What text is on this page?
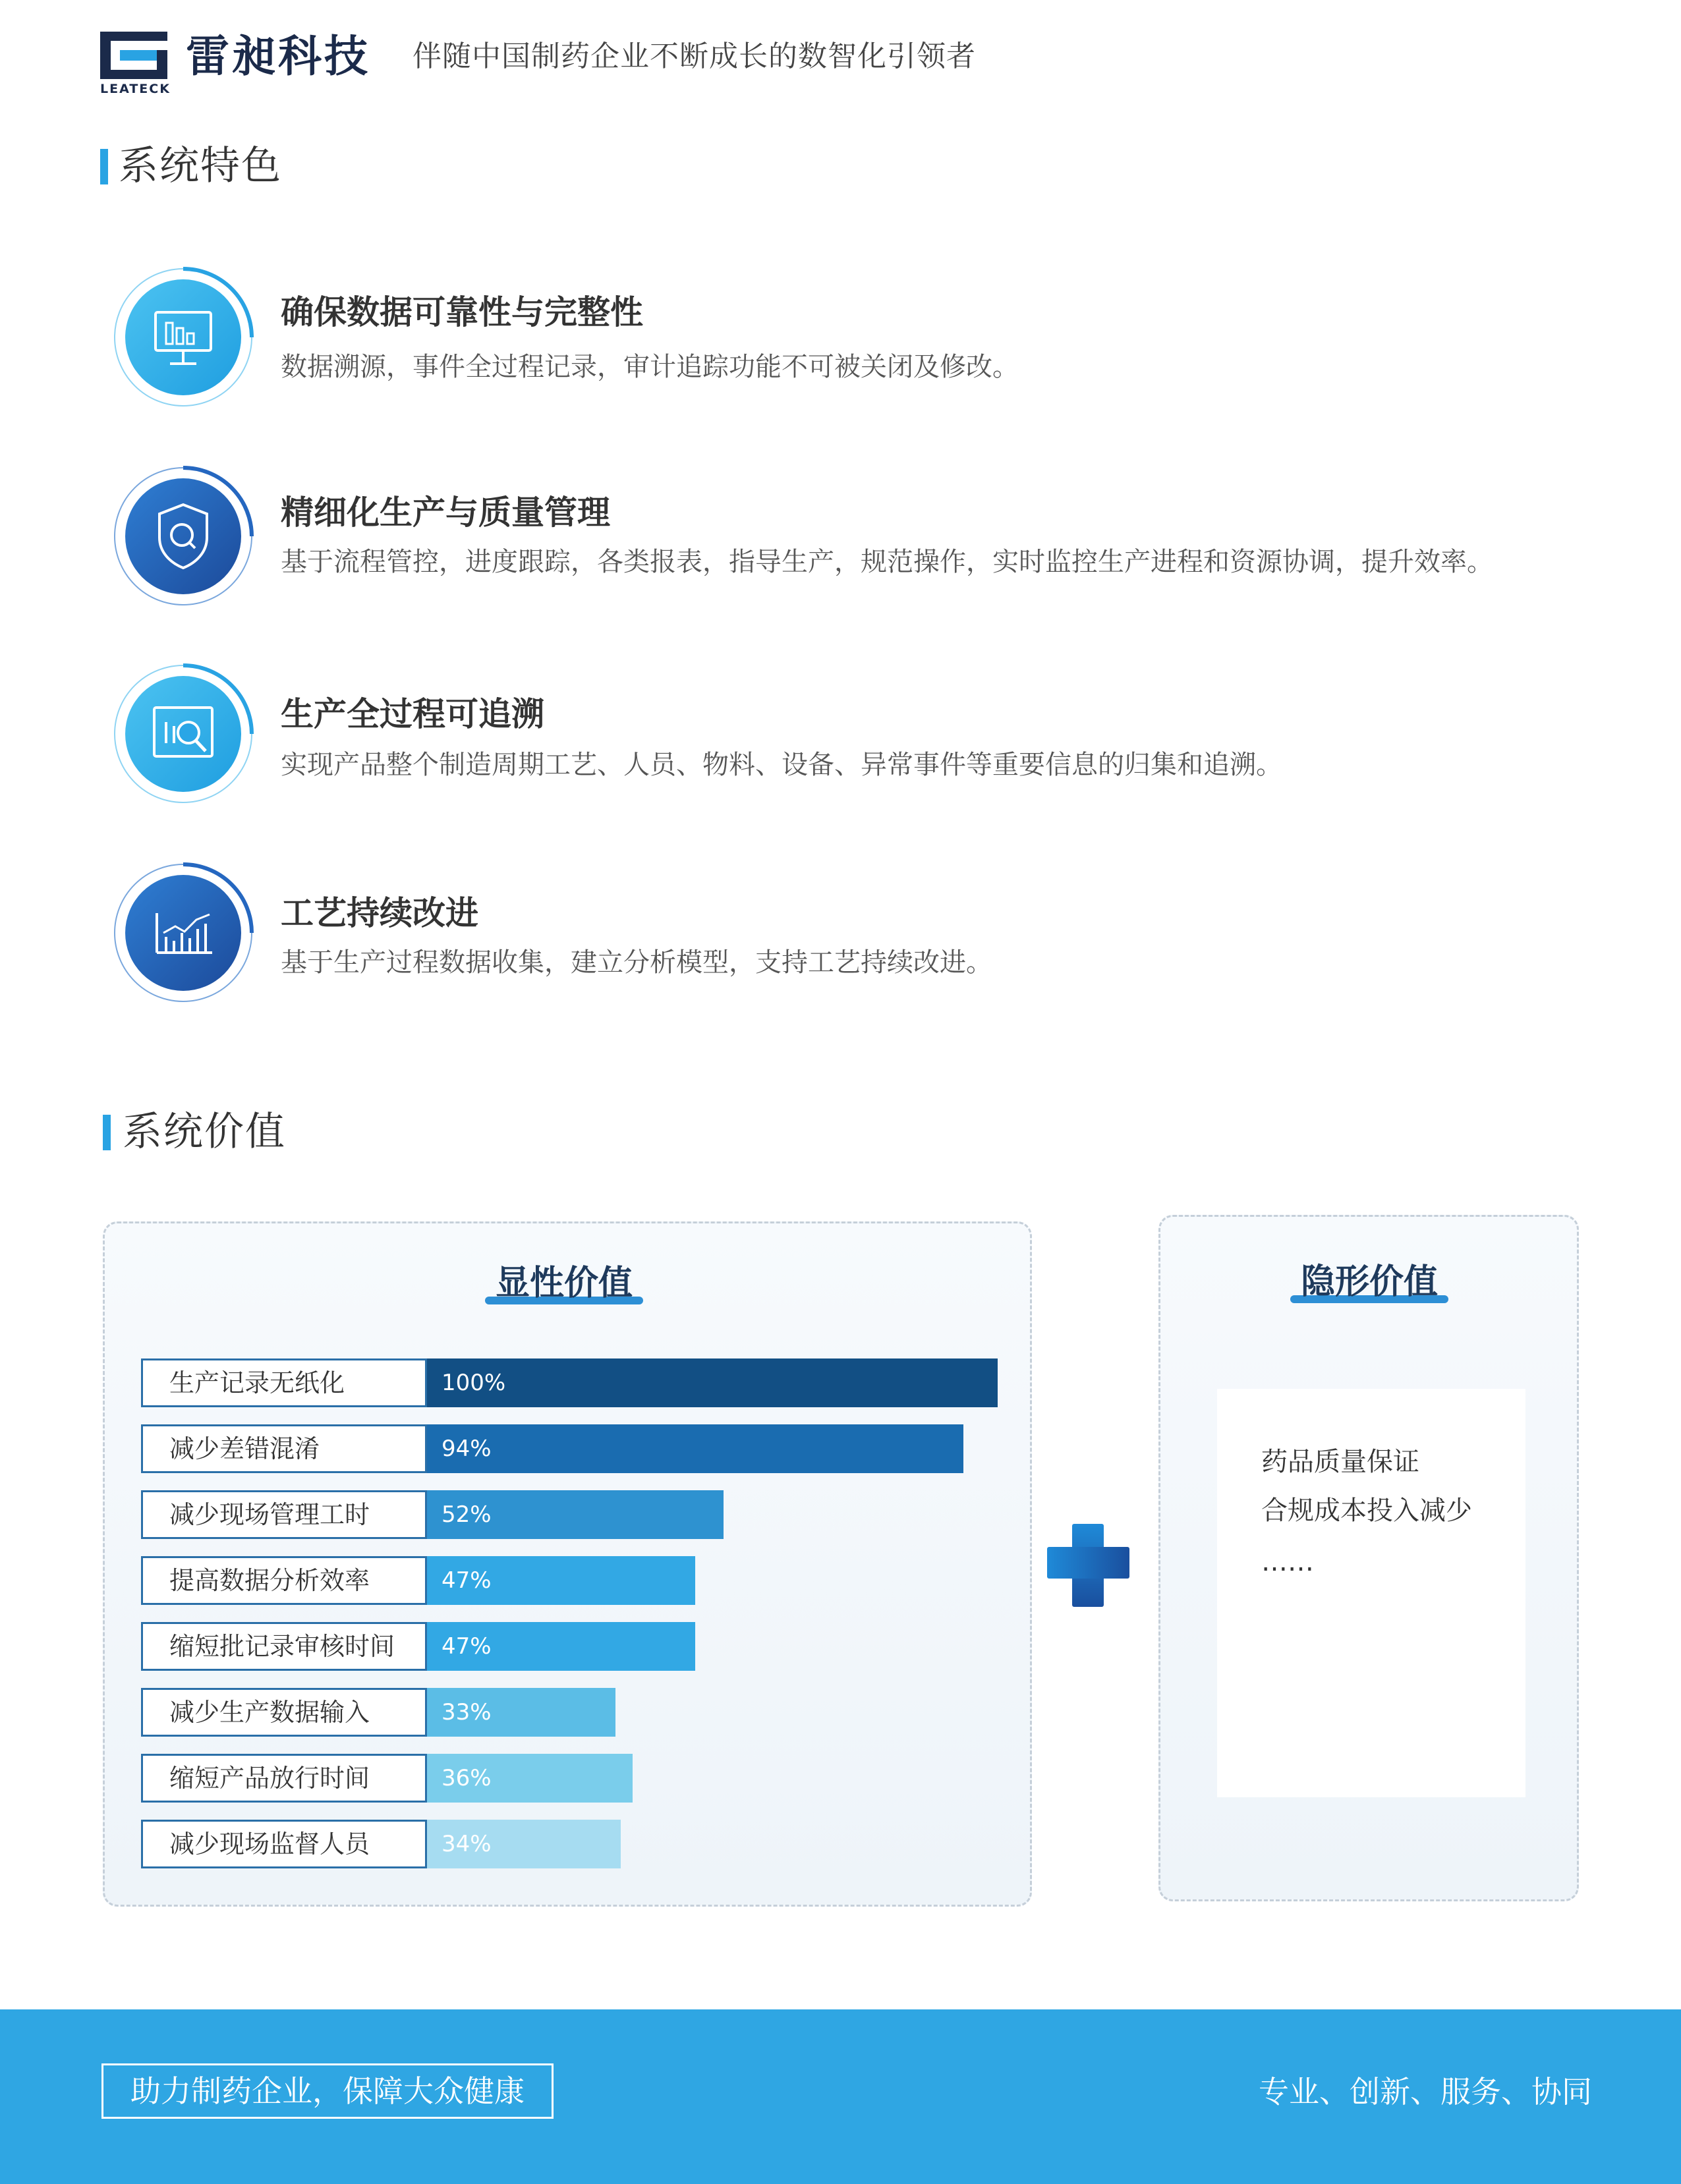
雷昶科技
LEATECK
伴随中国制药企业不断成长的数智化引领者
系统特色
确保数据可靠性与完整性
数据溯源，事件全过程记录，审计追踪功能不可被关闭及修改。
精细化生产与质量管理
基于流程管控，进度跟踪，各类报表，指导生产，规范操作，实时监控生产进程和资源协调，提升效率。
生产全过程可追溯
实现产品整个制造周期工艺、人员、物料、设备、异常事件等重要信息的归集和追溯。
工艺持续改进
基于生产过程数据收集，建立分析模型，支持工艺持续改进。
系统价值
显性价值
生产记录无纸化	100%
减少差错混淆	94%
减少现场管理工时	52%
提高数据分析效率	47%
缩短批记录审核时间	47%
减少生产数据输入	33%
缩短产品放行时间	36%
减少现场监督人员	34%
隐形价值
药品质量保证
合规成本投入减少
……
助力制药企业，保障大众健康	专业、创新、服务、协同
